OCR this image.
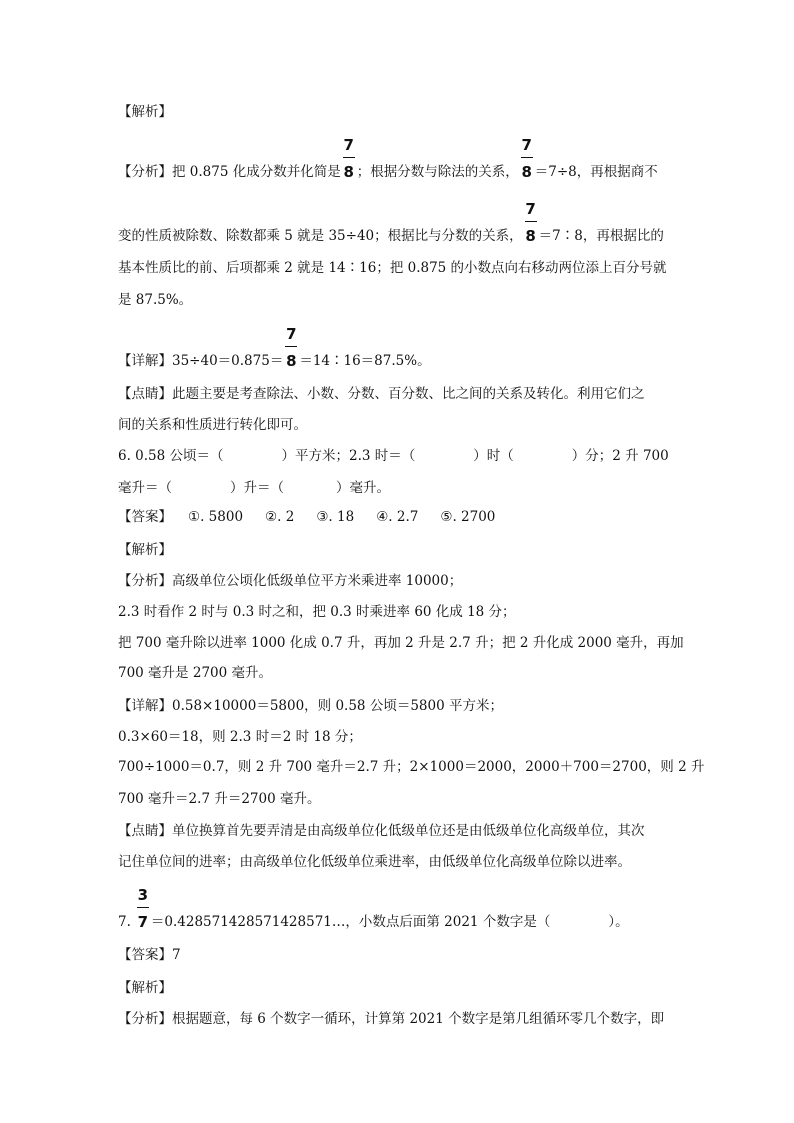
【解析】
【分析】把 0.875 化成分数并化简是 $\frac{7}{8}$ ；根据分数与除法的关系， $\frac{7}{8} =7\div 8$，再根据商不
变的性质被除数、除数都乘 5 就是 35÷40；根据比与分数的关系， $\frac{7}{8}$ ＝7∶8，再根据比的
基本性质比的前、后项都乘 2 就是 14∶16；把 0.875 的小数点向右移动两位添上百分号就
是 87.5%。
【详解】$35\div 40=0.875= \frac{7}{8}$ ＝14∶16＝87.5%。
【点睛】此题主要是考查除法、小数、分数、百分数、比之间的关系及转化。利用它们之
间的关系和性质进行转化即可。
6. 0.58 公顷＝（	）平方米；2.3 时＝（	）时（	）分；2 升 700
毫升＝（	）升＝（	）毫升。
【答案】 ①. 5800 ②. 2 ③. 18 ④. 2.7 ⑤. 2700
【解析】
【分析】高级单位公顷化低级单位平方米乘进率 10000；
2.3 时看作 2 时与 0.3 时之和，把 0.3 时乘进率 60 化成 18 分；
把 700 毫升除以进率 1000 化成 0.7 升，再加 2 升是 2.7 升；把 2 升化成 2000 毫升，再加
700 毫升是 2700 毫升。
【详解】0.58×10000＝5800，则 0.58 公顷＝5800 平方米；
0.3×60＝18，则 2.3 时＝2 时 18 分；
700÷1000＝0.7，则 2 升 700 毫升＝2.7 升；2×1000＝2000，2000＋700＝2700，则 2 升
700 毫升＝2.7 升＝2700 毫升。
【点睛】单位换算首先要弄清是由高级单位化低级单位还是由低级单位化高级单位，其次
记住单位间的进率；由高级单位化低级单位乘进率，由低级单位化高级单位除以进率。
7. $\frac{3}{7}$ ＝0.428571428571428571…，小数点后面第 2021 个数字是（	）。
【答案】7
【解析】
【分析】根据题意，每 6 个数字一循环，计算第 2021 个数字是第几组循环零几个数字，即
